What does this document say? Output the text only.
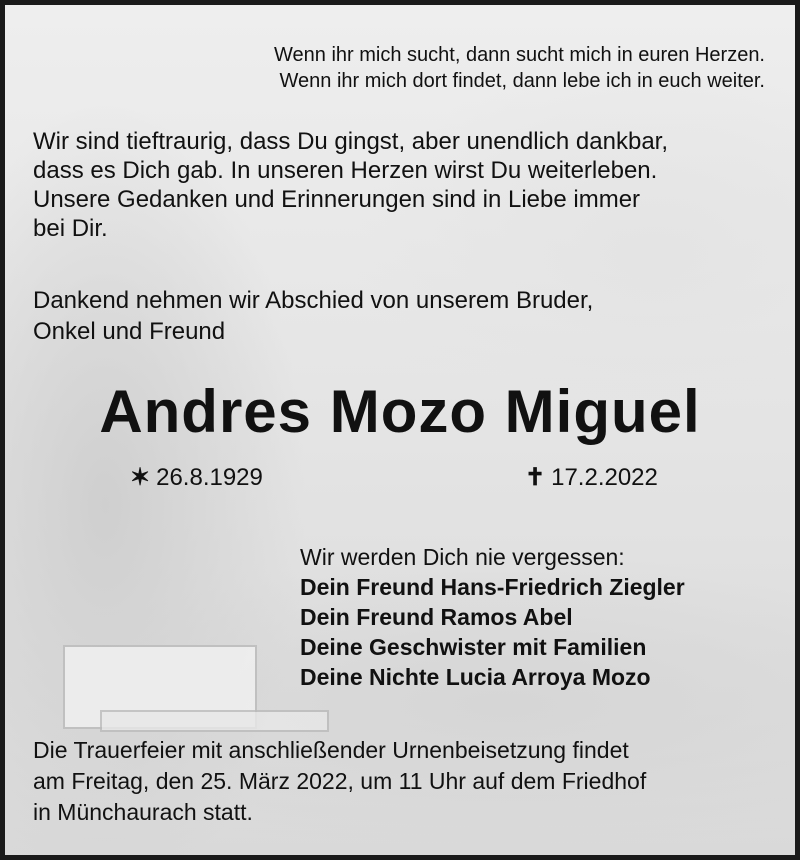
Wenn ihr mich sucht, dann sucht mich in euren Herzen.
Wenn ihr mich dort findet, dann lebe ich in euch weiter.
Wir sind tieftraurig, dass Du gingst, aber unendlich dankbar,
dass es Dich gab. In unseren Herzen wirst Du weiterleben.
Unsere Gedanken und Erinnerungen sind in Liebe immer
bei Dir.
Dankend nehmen wir Abschied von unserem Bruder,
Onkel und Freund
Andres Mozo Miguel
✶ 26.8.1929	✝ 17.2.2022
Wir werden Dich nie vergessen:
Dein Freund Hans-Friedrich Ziegler
Dein Freund Ramos Abel
Deine Geschwister mit Familien
Deine Nichte Lucia Arroya Mozo
Die Trauerfeier mit anschließender Urnenbeisetzung findet
am Freitag, den 25. März 2022, um 11 Uhr auf dem Friedhof
in Münchaurach statt.
